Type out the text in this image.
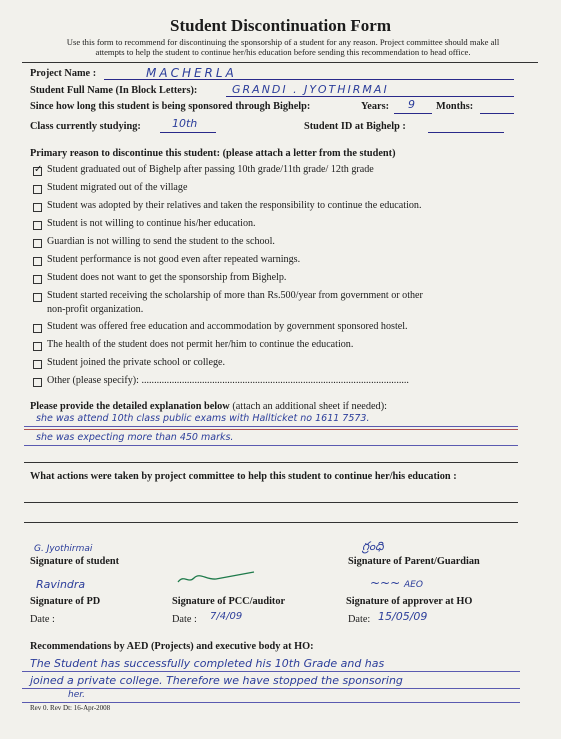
Student Discontinuation Form
Use this form to recommend for discontinuing the sponsorship of a student for any reason. Project committee should make all
attempts to help the student to continue her/his education before sending this recommendation to head office.
Project Name :	MACHERLA
Student Full Name (In Block Letters):	GRANDI . JYOTHIRMAI
Since how long this student is being sponsored through Bighelp:	Years: 9 Months:
Class currently studying:	10th	Student ID at Bighelp :
Primary reason to discontinue this student: (please attach a letter from the student)
✓
Student graduated out of Bighelp after passing 10th grade/11th grade/ 12th grade
Student migrated out of the village
Student was adopted by their relatives and taken the responsibility to continue the education.
Student is not willing to continue his/her education.
Guardian is not willing to send the student to the school.
Student performance is not good even after repeated warnings.
Student does not want to get the sponsorship from Bighelp.
Student started receiving the scholarship of more than Rs.500/year from government or other
non-profit organization.
Student was offered free education and accommodation by government sponsored hostel.
The health of the student does not permit her/him to continue the education.
Student joined the private school or college.
Other (please specify): ..........................................................................................................
Please provide the detailed explanation below (attach an additional sheet if needed):
she was attend 10th class public exams with Hallticket no 1611 7573.
she was expecting more than 450 marks.
What actions were taken by project committee to help this student to continue her/his education :
G. Jyothirmai
Signature of student
గ్రంధి
Signature of Parent/Guardian
Ravindra
Signature of PD	Signature of PCC/auditor
~~~ AEO
Signature of approver at HO
Date :	Date : 7/4/09	Date: 15/05/09
Recommendations by AED (Projects) and executive body at HO:
The Student has successfully completed his 10th Grade and has
joined a private college. Therefore we have stopped the sponsoring
her.
Rev 0. Rev Dt: 16-Apr-2008
